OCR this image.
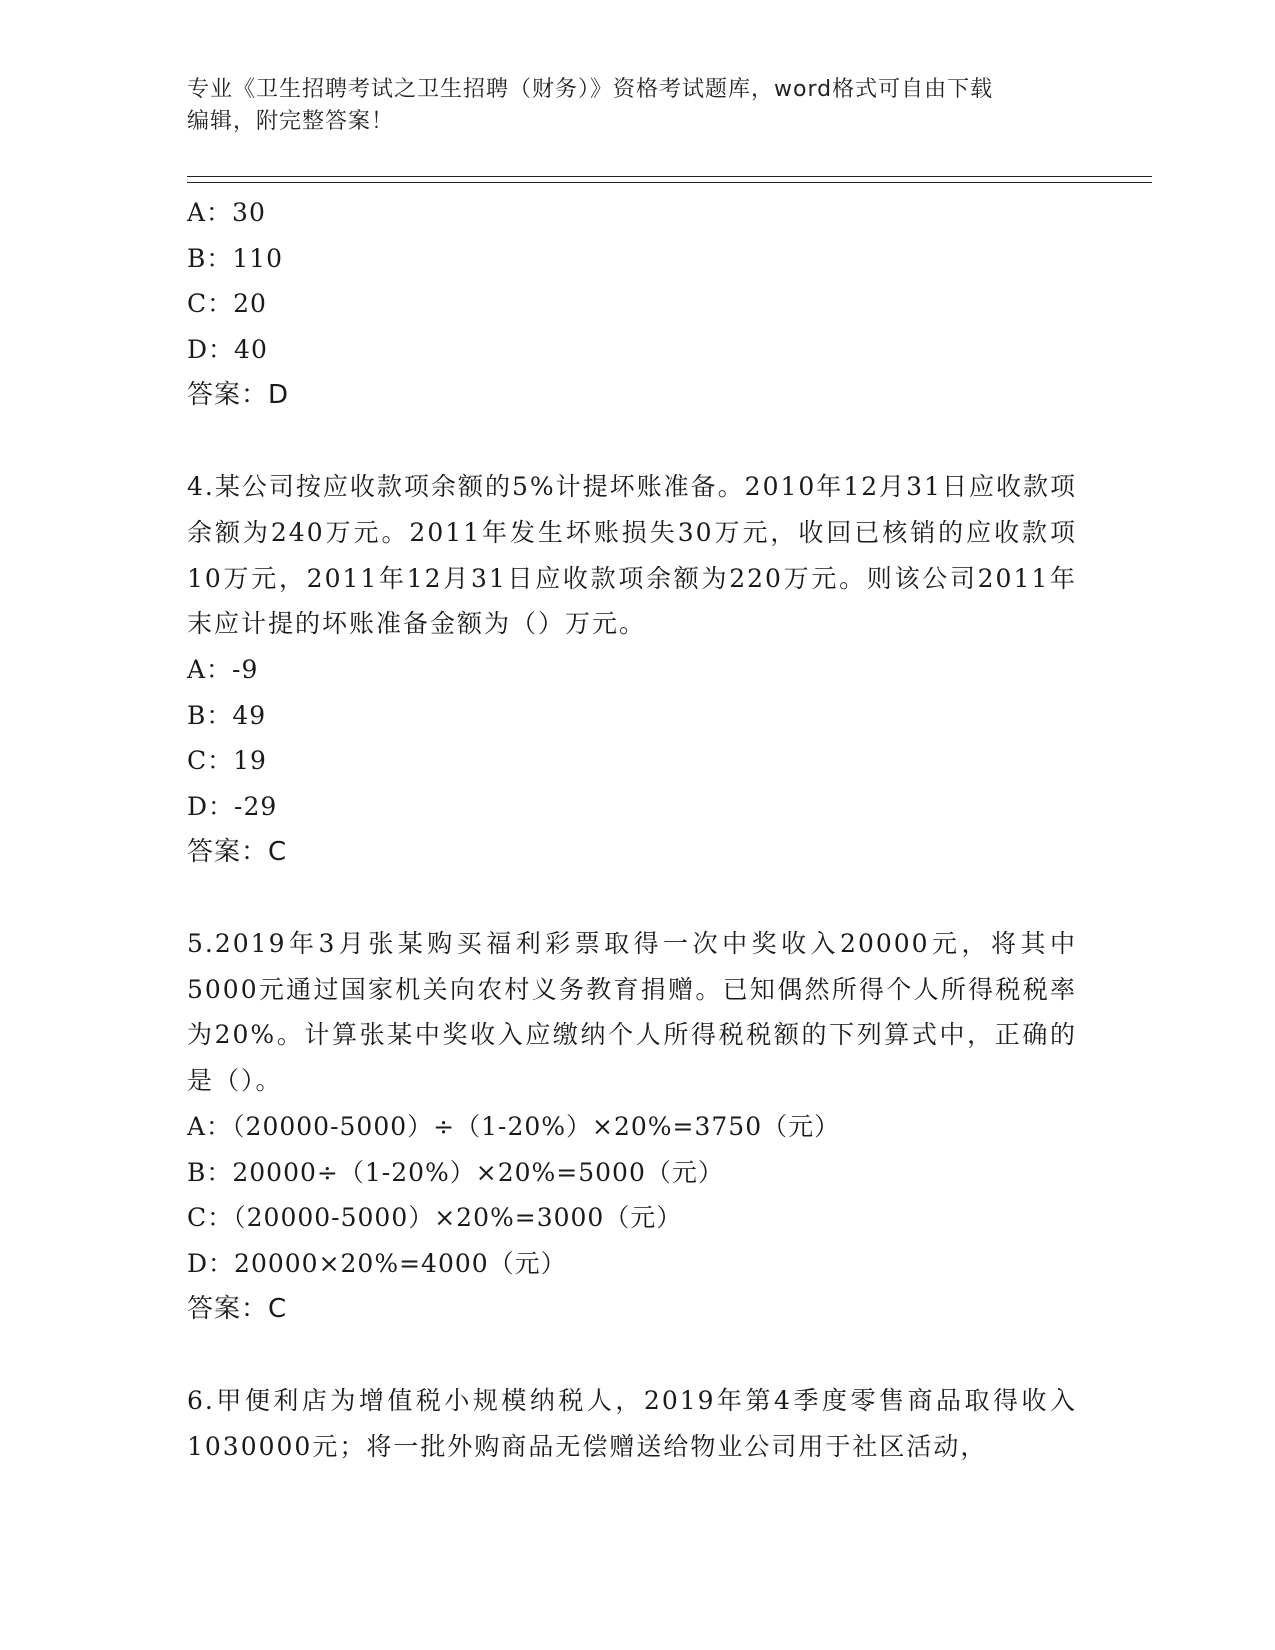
专业《卫生招聘考试之卫生招聘（财务）》资格考试题库，word格式可自由下载
编辑，附完整答案！
A：30
B：110
C：20
D：40
答案：D
4.某公司按应收款项余额的5%计提坏账准备。2010年12月31日应收款项余额为240万元。2011年发生坏账损失30万元，收回已核销的应收款项10万元，2011年12月31日应收款项余额为220万元。则该公司2011年末应计提的坏账准备金额为（）万元。
A：-9
B：49
C：19
D：-29
答案：C
5.2019年3月张某购买福利彩票取得一次中奖收入20000元，将其中5000元通过国家机关向农村义务教育捐赠。已知偶然所得个人所得税税率为20%。计算张某中奖收入应缴纳个人所得税税额的下列算式中，正确的是（）。
A：（20000-5000）÷（1-20%）×20%=3750（元）
B：20000÷（1-20%）×20%=5000（元）
C：（20000-5000）×20%=3000（元）
D：20000×20%=4000（元）
答案：C
6.甲便利店为增值税小规模纳税人，2019年第4季度零售商品取得收入1030000元；将一批外购商品无偿赠送给物业公司用于社区活动，
